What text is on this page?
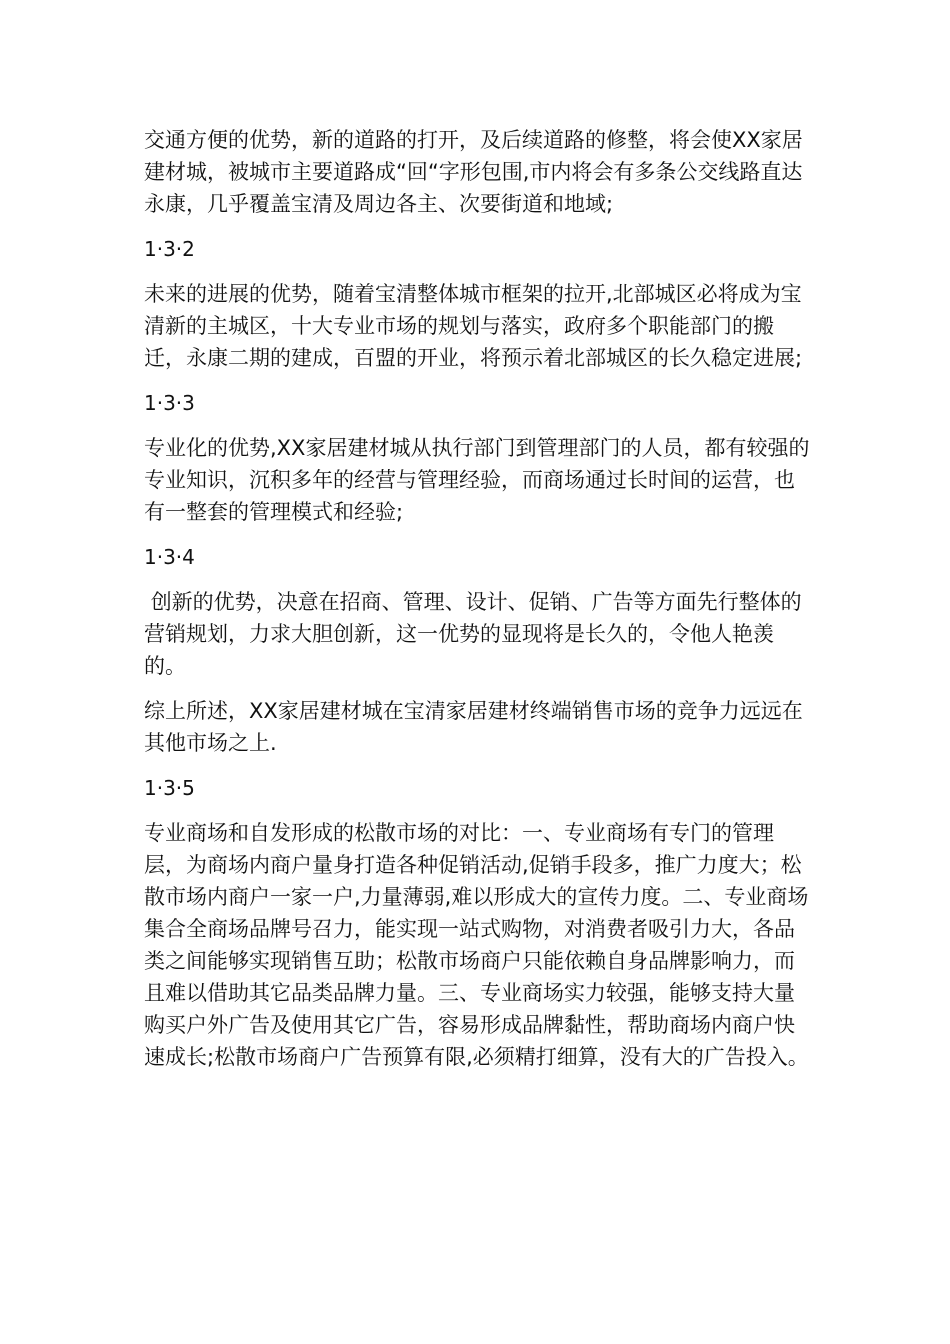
交通方便的优势，新的道路的打开，及后续道路的修整，将会使XX家居建材城，被城市主要道路成“回“字形包围,市内将会有多条公交线路直达永康，几乎覆盖宝清及周边各主、次要街道和地域;

1·3·2

未来的进展的优势，随着宝清整体城市框架的拉开,北部城区必将成为宝清新的主城区，十大专业市场的规划与落实，政府多个职能部门的搬迁，永康二期的建成，百盟的开业，将预示着北部城区的长久稳定进展;

1·3·3

专业化的优势,XX家居建材城从执行部门到管理部门的人员，都有较强的专业知识，沉积多年的经营与管理经验，而商场通过长时间的运营，也有一整套的管理模式和经验;

1·3·4

创新的优势，决意在招商、管理、设计、促销、广告等方面先行整体的营销规划，力求大胆创新，这一优势的显现将是长久的，令他人艳羡的。

综上所述，XX家居建材城在宝清家居建材终端销售市场的竞争力远远在其他市场之上.

1·3·5

专业商场和自发形成的松散市场的对比：一、专业商场有专门的管理层，为商场内商户量身打造各种促销活动,促销手段多，推广力度大；松散市场内商户一家一户,力量薄弱,难以形成大的宣传力度。二、专业商场集合全商场品牌号召力，能实现一站式购物，对消费者吸引力大，各品类之间能够实现销售互助；松散市场商户只能依赖自身品牌影响力，而且难以借助其它品类品牌力量。三、专业商场实力较强，能够支持大量购买户外广告及使用其它广告，容易形成品牌黏性，帮助商场内商户快速成长;松散市场商户广告预算有限,必须精打细算，没有大的广告投入。
